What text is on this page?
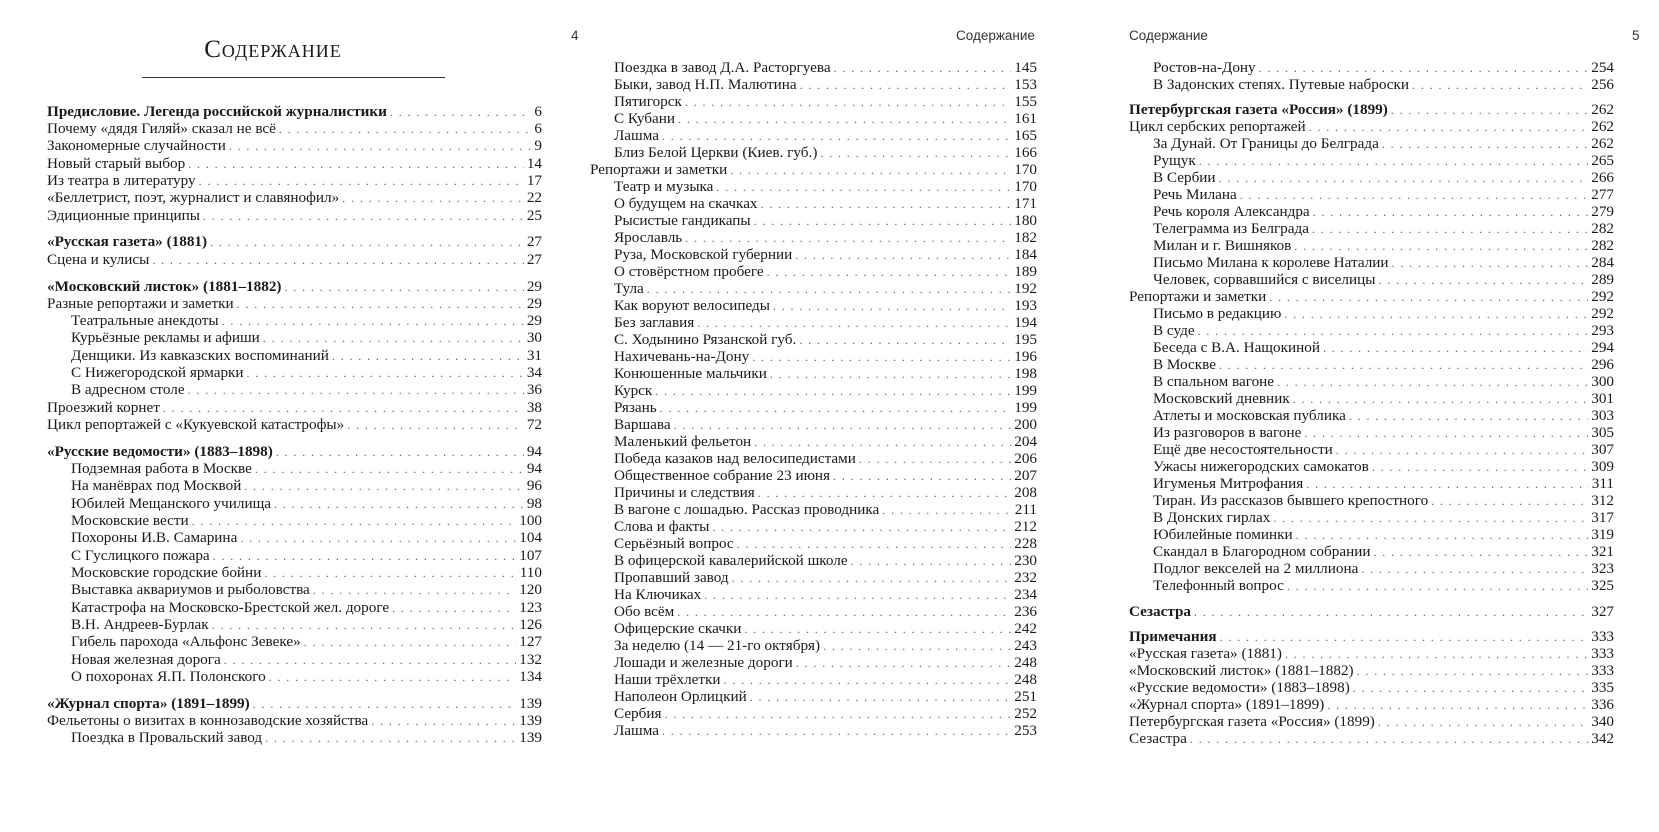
Содержание
4	Содержание	Содержание	5
Предисловие. Легенда российской журналистики . . .	6
Почему «дядя Гиляй» сказал не всё . . .	6
Закономерные случайности . . .	9
Новый старый выбор . . .	14
Из театра в литературу . . .	17
«Беллетрист, поэт, журналист и славянофил» . . .	22
Эдиционные принципы . . .	25
«Русская газета» (1881) . . .	27
Сцена и кулисы . . .	27
«Московский листок» (1881–1882) . . .	29
Разные репортажи и заметки . . .	29
Театральные анекдоты . . .	29
Курьёзные рекламы и афиши . . .	30
Денщики. Из кавказских воспоминаний . . .	31
С Нижегородской ярмарки . . .	34
В адресном столе . . .	36
Проезжий корнет . . .	38
Цикл репортажей с «Кукуевской катастрофы» . . .	72
«Русские ведомости» (1883–1898) . . .	94
Подземная работа в Москве . . .	94
На манёврах под Москвой . . .	96
Юбилей Мещанского училища . . .	98
Московские вести . . .	100
Похороны И.В. Самарина . . .	104
С Гуслицкого пожара . . .	107
Московские городские бойни . . .	110
Выставка аквариумов и рыболовства . . .	120
Катастрофа на Московско-Брестской жел. дороге . . .	123
В.Н. Андреев-Бурлак . . .	126
Гибель парохода «Альфонс Зевеке» . . .	127
Новая железная дорога . . .	132
О похоронах Я.П. Полонского . . .	134
«Журнал спорта» (1891–1899) . . .	139
Фельетоны о визитах в коннозаводские хозяйства . . .	139
Поездка в Провальский завод . . .	139
Поездка в завод Д.А. Расторгуева . . .	145
Быки, завод Н.П. Малютина . . .	153
Пятигорск . . .	155
С Кубани . . .	161
Лашма . . .	165
Близ Белой Церкви (Киев. губ.) . . .	166
Репортажи и заметки . . .	170
Театр и музыка . . .	170
О будущем на скачках . . .	171
Рысистые гандикапы . . .	180
Ярославль . . .	182
Руза, Московской губернии . . .	184
О стовёрстном пробеге . . .	189
Тула . . .	192
Как воруют велосипеды . . .	193
Без заглавия . . .	194
С. Ходынино Рязанской губ. . . .	195
Нахичевань-на-Дону . . .	196
Конюшенные мальчики . . .	198
Курск . . .	199
Рязань . . .	199
Варшава . . .	200
Маленький фельетон . . .	204
Победа казаков над велосипедистами . . .	206
Общественное собрание 23 июня . . .	207
Причины и следствия . . .	208
В вагоне с лошадью. Рассказ проводника . . .	211
Слова и факты . . .	212
Серьёзный вопрос . . .	228
В офицерской кавалерийской школе . . .	230
Пропавший завод . . .	232
На Ключиках . . .	234
Обо всём . . .	236
Офицерские скачки . . .	242
За неделю (14 — 21-го октября) . . .	243
Лошади и железные дороги . . .	248
Наши трёхлетки . . .	248
Наполеон Орлицкий . . .	251
Сербия . . .	252
Лашма . . .	253
Ростов-на-Дону . . .	254
В Задонских степях. Путевые наброски . . .	256
Петербургская газета «Россия» (1899) . . .	262
Цикл сербских репортажей . . .	262
За Дунай. От Границы до Белграда . . .	262
Рущук . . .	265
В Сербии . . .	266
Речь Милана . . .	277
Речь короля Александра . . .	279
Телеграмма из Белграда . . .	282
Милан и г. Вишняков . . .	282
Письмо Милана к королеве Наталии . . .	284
Человек, сорвавшийся с виселицы . . .	289
Репортажи и заметки . . .	292
Письмо в редакцию . . .	292
В суде . . .	293
Беседа с В.А. Нащокиной . . .	294
В Москве . . .	296
В спальном вагоне . . .	300
Московский дневник . . .	301
Атлеты и московская публика . . .	303
Из разговоров в вагоне . . .	305
Ещё две несостоятельности . . .	307
Ужасы нижегородских самокатов . . .	309
Игуменья Митрофания . . .	311
Тиран. Из рассказов бывшего крепостного . . .	312
В Донских гирлах . . .	317
Юбилейные поминки . . .	319
Скандал в Благородном собрании . . .	321
Подлог векселей на 2 миллиона . . .	323
Телефонный вопрос . . .	325
Сезастра . . .	327
Примечания . . .	333
«Русская газета» (1881) . . .	333
«Московский листок» (1881–1882) . . .	333
«Русские ведомости» (1883–1898) . . .	335
«Журнал спорта» (1891–1899) . . .	336
Петербургская газета «Россия» (1899) . . .	340
Сезастра . . .	342
